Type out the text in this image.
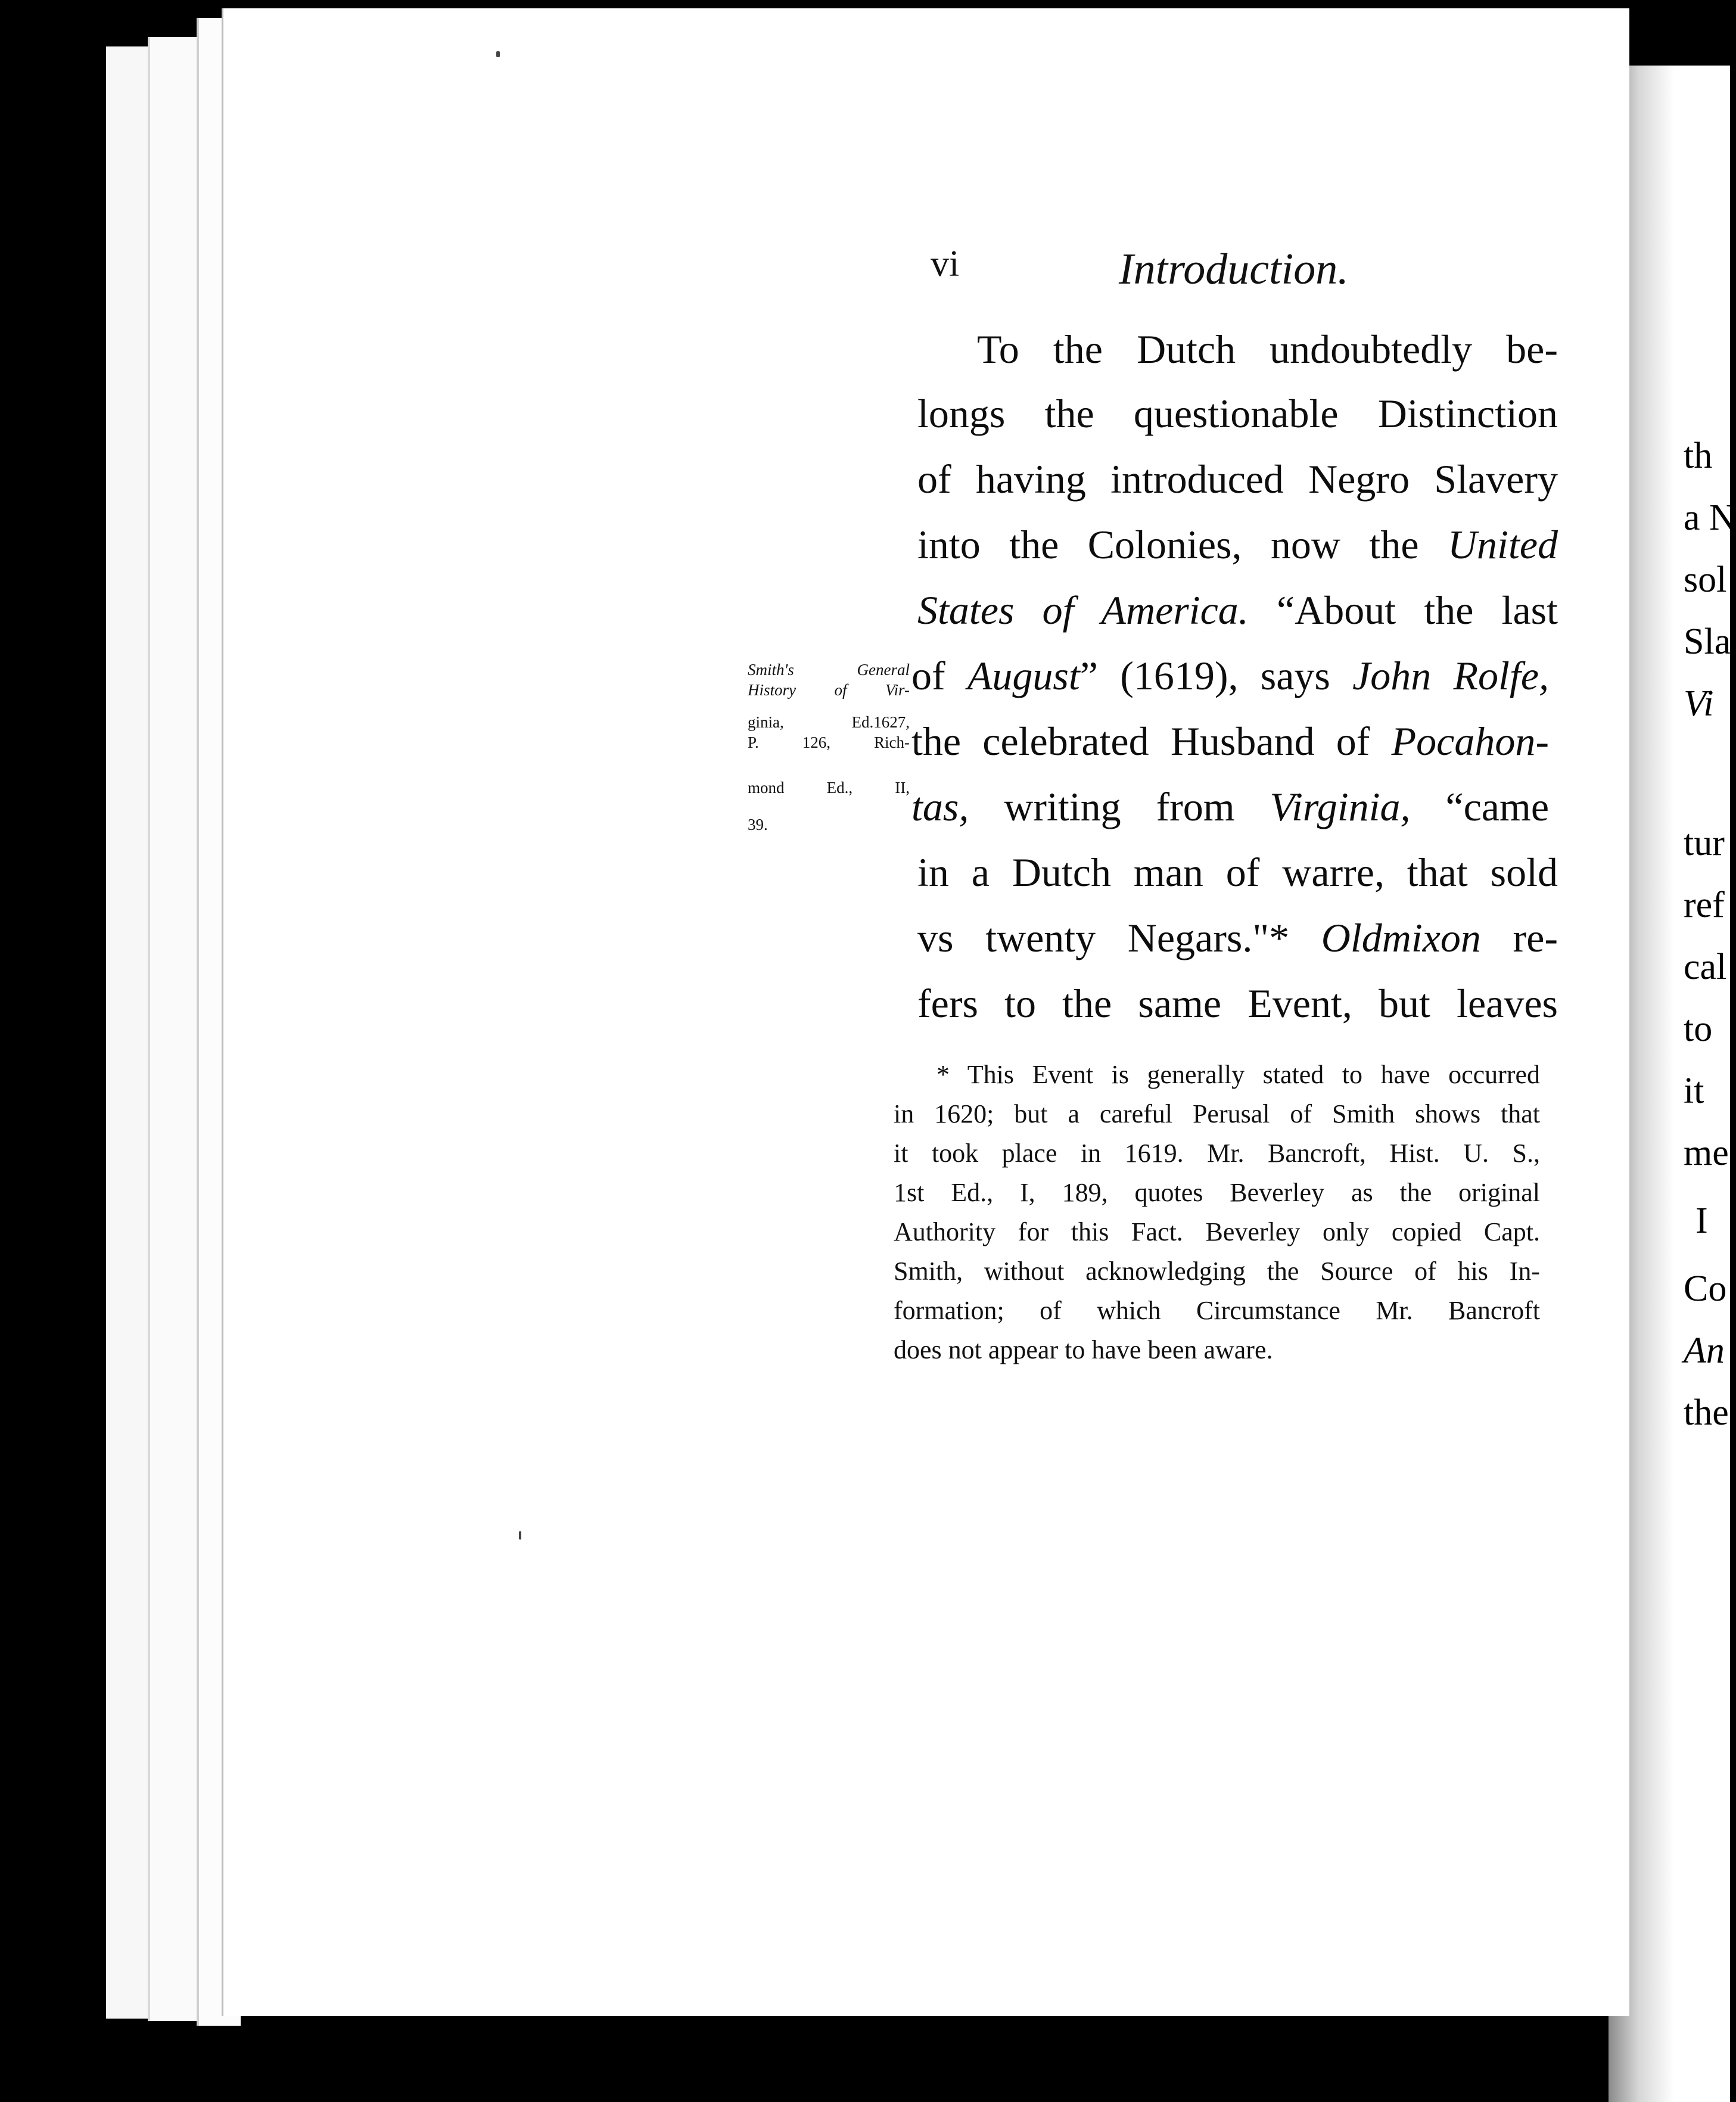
th
a N
sol
Sla
Vi
tur
ref
cal
to
it
me
I
Co
An
the
vi	Introduction.
To the Dutch undoubtedly be-
longs the questionable Distinction
of having introduced Negro Slavery
into the Colonies, now the United
States of America. “About the last
of August” (1619), says John Rolfe,
the celebrated Husband of Pocahon-
tas, writing from Virginia, “came
in a Dutch man of warre, that sold
vs twenty Negars."* Oldmixon re-
fers to the same Event, but leaves
Smith's General
History of Vir-
ginia, Ed.1627,
P. 126, Rich-
mond Ed., II,
39.
* This Event is generally stated to have occurred
in 1620; but a careful Perusal of Smith shows that
it took place in 1619. Mr. Bancroft, Hist. U. S.,
1st Ed., I, 189, quotes Beverley as the original
Authority for this Fact. Beverley only copied Capt.
Smith, without acknowledging the Source of his In-
formation; of which Circumstance Mr. Bancroft
does not appear to have been aware.
